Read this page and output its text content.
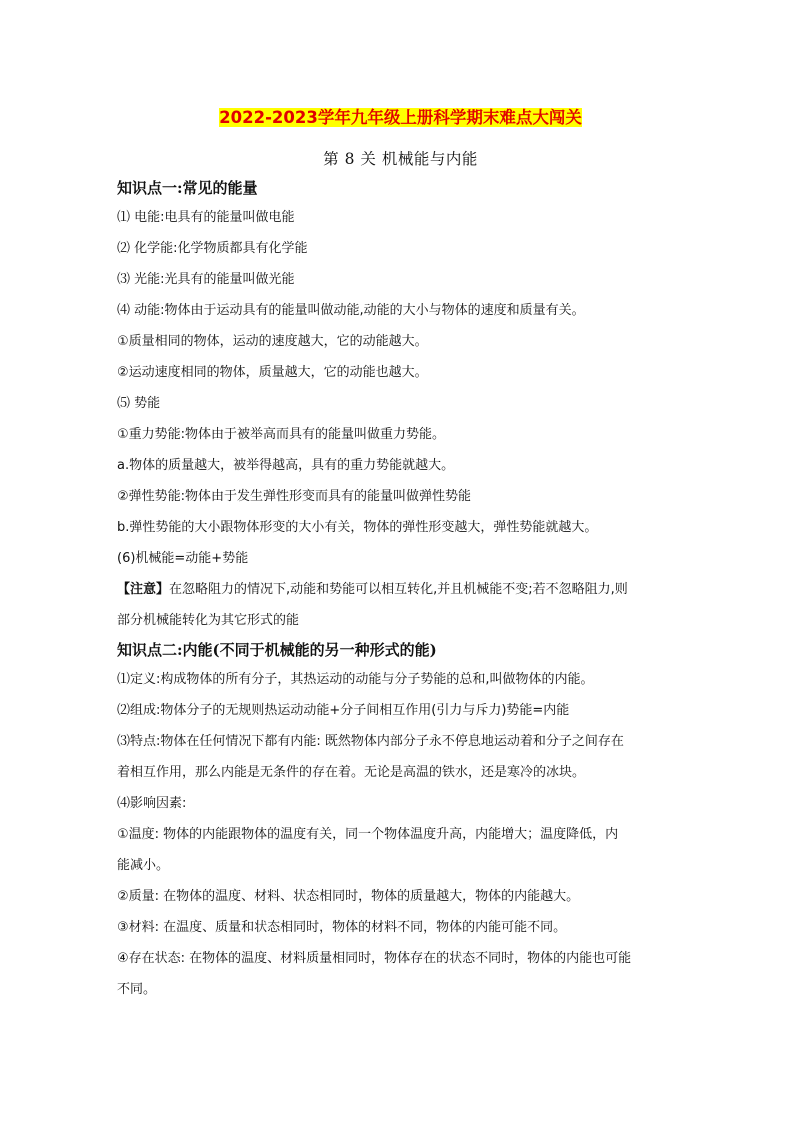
2022-2023学年九年级上册科学期末难点大闯关
第 8 关 机械能与内能
知识点一:常见的能量
⑴ 电能:电具有的能量叫做电能
⑵ 化学能:化学物质都具有化学能
⑶ 光能:光具有的能量叫做光能
⑷ 动能:物体由于运动具有的能量叫做动能,动能的大小与物体的速度和质量有关。
①质量相同的物体，运动的速度越大，它的动能越大。
②运动速度相同的物体，质量越大，它的动能也越大。
⑸ 势能
①重力势能:物体由于被举高而具有的能量叫做重力势能。
a.物体的质量越大，被举得越高，具有的重力势能就越大。
②弹性势能:物体由于发生弹性形变而具有的能量叫做弹性势能
b.弹性势能的大小跟物体形变的大小有关，物体的弹性形变越大，弹性势能就越大。
(6)机械能=动能+势能
【注意】在忽略阻力的情况下,动能和势能可以相互转化,并且机械能不变;若不忽略阻力,则
部分机械能转化为其它形式的能
知识点二:内能(不同于机械能的另一种形式的能)
⑴定义:构成物体的所有分子，其热运动的动能与分子势能的总和,叫做物体的内能。
⑵组成:物体分子的无规则热运动动能+分子间相互作用(引力与斥力)势能=内能
⑶特点:物体在任何情况下都有内能: 既然物体内部分子永不停息地运动着和分子之间存在
着相互作用，那么内能是无条件的存在着。无论是高温的铁水，还是寒冷的冰块。
⑷影响因素:
①温度: 物体的内能跟物体的温度有关，同一个物体温度升高，内能增大；温度降低，内
能减小。
②质量: 在物体的温度、材料、状态相同时，物体的质量越大，物体的内能越大。
③材料: 在温度、质量和状态相同时，物体的材料不同，物体的内能可能不同。
④存在状态: 在物体的温度、材料质量相同时，物体存在的状态不同时，物体的内能也可能
不同。
